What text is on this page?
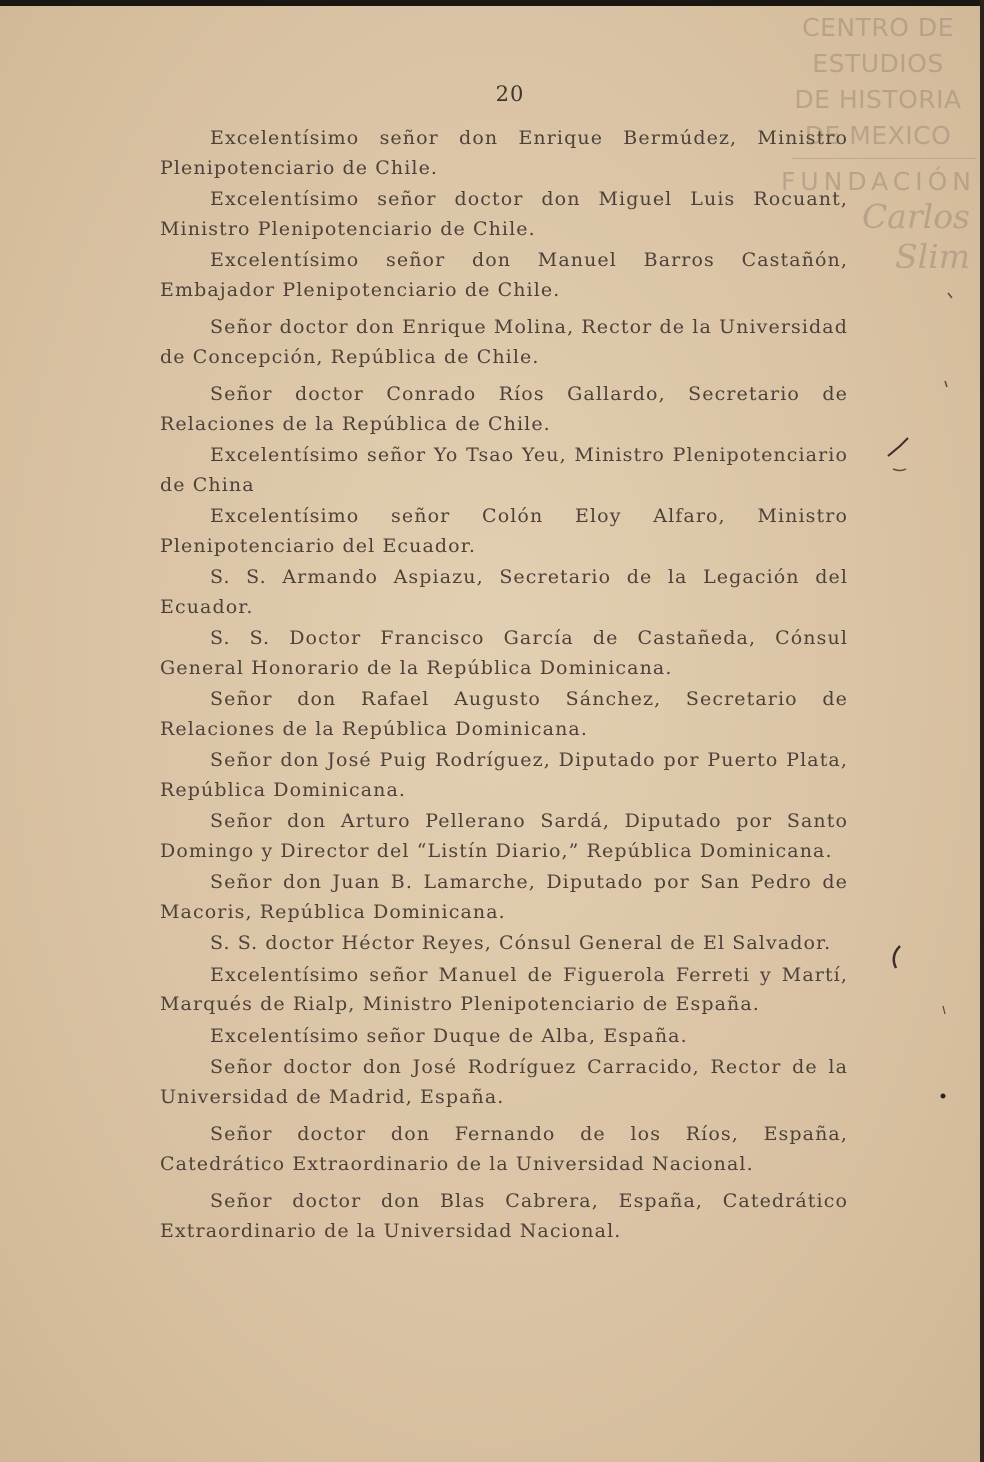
20
CENTRO DE
ESTUDIOS
DE HISTORIA
DE MEXICO
FUNDACIÓN
Carlos Slim

Excelentísimo señor don Enrique Bermúdez, Ministro Plenipotenciario de Chile.

Excelentísimo señor doctor don Miguel Luis Rocuant, Ministro Plenipotenciario de Chile.

Excelentísimo señor don Manuel Barros Castañón, Embajador Plenipotenciario de Chile.

Señor doctor don Enrique Molina, Rector de la Universidad de Concepción, República de Chile.

Señor doctor Conrado Ríos Gallardo, Secretario de Relaciones de la República de Chile.

Excelentísimo señor Yo Tsao Yeu, Ministro Plenipotenciario de China

Excelentísimo señor Colón Eloy Alfaro, Ministro Plenipotenciario del Ecuador.

S. S. Armando Aspiazu, Secretario de la Legación del Ecuador.

S. S. Doctor Francisco García de Castañeda, Cónsul General Honorario de la República Dominicana.

Señor don Rafael Augusto Sánchez, Secretario de Relaciones de la República Dominicana.

Señor don José Puig Rodríguez, Diputado por Puerto Plata, República Dominicana.

Señor don Arturo Pellerano Sardá, Diputado por Santo Domingo y Director del “Listín Diario,” República Dominicana.

Señor don Juan B. Lamarche, Diputado por San Pedro de Macoris, República Dominicana.

S. S. doctor Héctor Reyes, Cónsul General de El Salvador.

Excelentísimo señor Manuel de Figuerola Ferreti y Martí, Marqués de Rialp, Ministro Plenipotenciario de España.

Excelentísimo señor Duque de Alba, España.

Señor doctor don José Rodríguez Carracido, Rector de la Universidad de Madrid, España.

Señor doctor don Fernando de los Ríos, España, Catedrático Extraordinario de la Universidad Nacional.

Señor doctor don Blas Cabrera, España, Catedrático Extraordinario de la Universidad Nacional.
